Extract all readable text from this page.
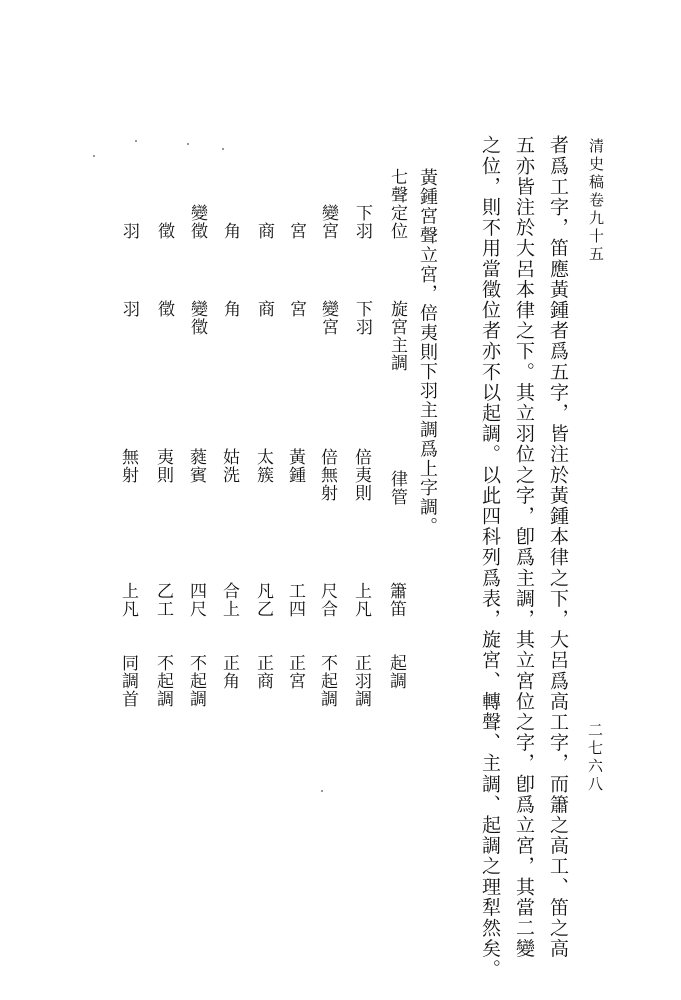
清史稿卷九十五
二七六八
者爲工字，笛應黃鍾者爲五字，皆注於黃鍾本律之下，大呂爲高工字，而簫之高工、笛之高
五亦皆注於大呂本律之下。其立羽位之字，卽爲主調，其立宮位之字，卽爲立宮，其當二變
之位，則不用當徵位者亦不以起調。以此四科列爲表，旋宮、轉聲、主調、起調之理犁然矣。
黃鍾宮聲立宮，倍夷則下羽主調爲上字調。
七聲定位
旋宮主調
律管
簫笛
起調
下羽
下羽
倍夷則
上凡
正羽調
變宮
變宮
倍無射
尺合
不起調
宮
宮
黃鍾
工四
正宮
商
商
太簇
凡乙
正商
角
角
姑洗
合上
正角
變徵
變徵
蕤賓
四尺
不起調
徵
徵
夷則
乙工
不起調
羽
羽
無射
上凡
同調首
